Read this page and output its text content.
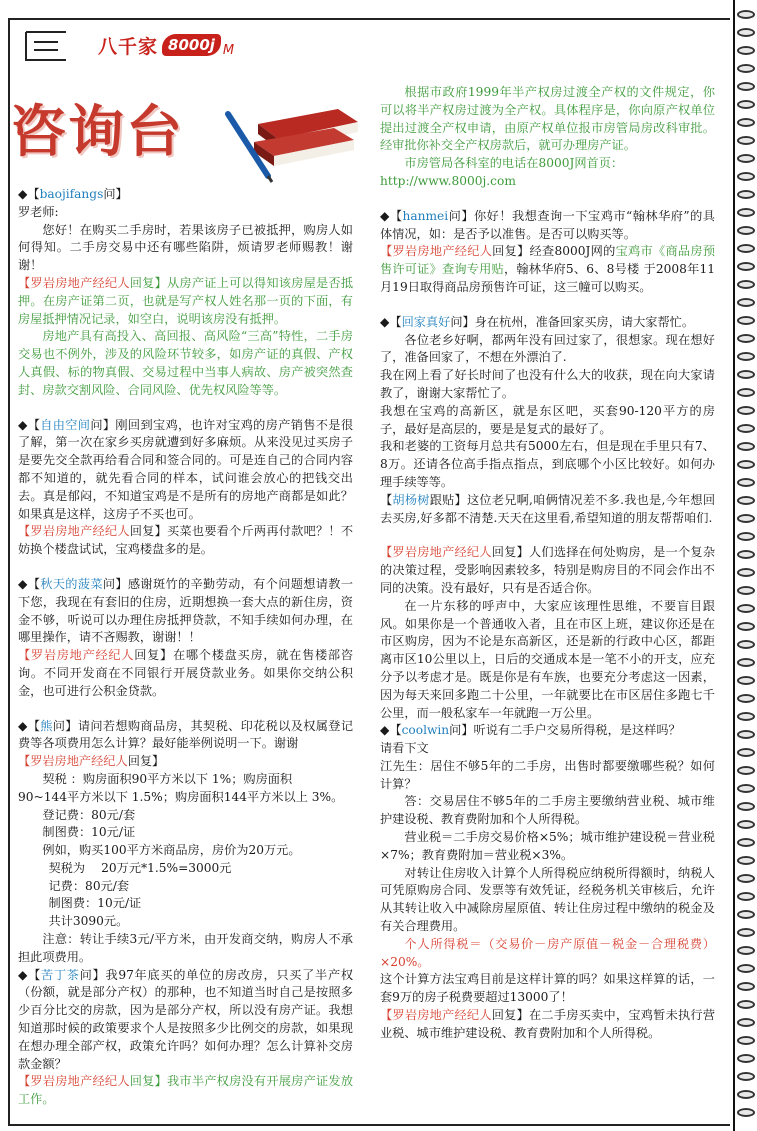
八千家 8000j M
咨询台

◆【baojifangs问】

罗老师:

您好！在购买二手房时，若果该房子已被抵押，购房人如何得知。二手房交易中还有哪些陷阱，烦请罗老师赐教！谢谢！

【罗岩房地产经纪人回复】从房产证上可以得知该房屋是否抵押。在房产证第二页，也就是写产权人姓名那一页的下面，有房屋抵押情况记录，如空白，说明该房没有抵押。

房地产具有高投入、高回报、高风险“三高”特性，二手房交易也不例外，涉及的风险环节较多，如房产证的真假、产权人真假、标的物真假、交易过程中当事人病故、房产被突然查封、房款交割风险、合同风险、优先权风险等等。

◆【自由空间问】刚回到宝鸡，也许对宝鸡的房产销售不是很了解，第一次在家乡买房就遭到好多麻烦。从来没见过买房子是要先交全款再给看合同和签合同的。可是连自己的合同内容都不知道的，就先看合同的样本，试问谁会放心的把钱交出去。真是郁闷，不知道宝鸡是不是所有的房地产商都是如此？如果真是这样，这房子不买也可。

【罗岩房地产经纪人回复】买菜也要看个斤两再付款吧？！不妨换个楼盘试试，宝鸡楼盘多的是。

◆【秋天的菠菜问】感谢斑竹的辛勤劳动，有个问题想请教一下您，我现在有套旧的住房，近期想换一套大点的新住房，资金不够，听说可以办理住房抵押贷款，不知手续如何办理，在哪里操作，请不吝赐教，谢谢！！

【罗岩房地产经纪人回复】在哪个楼盘买房，就在售楼部咨询。不同开发商在不同银行开展贷款业务。如果你交纳公积金，也可进行公积金贷款。

◆【熊问】请问若想购商品房，其契税、印花税以及权属登记费等各项费用怎么计算？最好能举例说明一下。谢谢

【罗岩房地产经纪人回复】

契税 ：购房面积90平方米以下 1%；购房面积

90~144平方米以下 1.5%；购房面积144平方米以上 3%。

登记费：80元/套

制图费：10元/证

例如，购买100平方米商品房，房价为20万元。

契税为 　20万元*1.5%=3000元

记费：80元/套

制图费：10元/证

共计3090元。

注意：转让手续3元/平方米，由开发商交纳，购房人不承担此项费用。

◆【苦丁茶问】我97年底买的单位的房改房，只买了半产权（份额，就是部分产权）的那种，也不知道当时自己是按照多少百分比交的房款，因为是部分产权，所以没有房产证。我想知道那时候的政策要求个人是按照多少比例交的房款，如果现在想办理全部产权，政策允许吗？如何办理？怎么计算补交房款金额？

【罗岩房地产经纪人回复】我市半产权房没有开展房产证发放工作。

根据市政府1999年半产权房过渡全产权的文件规定，你可以将半产权房过渡为全产权。具体程序是，你向原产权单位提出过渡全产权申请，由原产权单位报市房管局房改科审批。经审批你补交全产权房款后，就可办理房产证。

市房管局各科室的电话在8000J网首页：

http://www.8000j.com

◆【hanmei问】你好！我想查询一下宝鸡市“翰林华府”的具体情况，如：是否予以准售。是否可以购买等。

【罗岩房地产经纪人回复】经查8000J网的宝鸡市《商品房预售许可证》查询专用贴，翰林华府5、6、8号楼 于2008年11月19日取得商品房预售许可证，这三幢可以购买。

◆【回家真好问】身在杭州，准备回家买房，请大家帮忙。

各位老乡好啊，都两年没有回过家了，很想家。现在想好了，准备回家了，不想在外漂泊了.

我在网上看了好长时间了也没有什么大的收获，现在向大家请教了，谢谢大家帮忙了。

我想在宝鸡的高新区，就是东区吧，买套90-120平方的房子，最好是高层的，要是是复式的最好了。

我和老婆的工资每月总共有5000左右，但是现在手里只有7、8万。还请各位高手指点指点，到底哪个小区比较好。如何办理手续等等。

【胡杨树跟贴】这位老兄啊,咱俩情况差不多.我也是,今年想回去买房,好多都不清楚.天天在这里看,希望知道的朋友帮帮咱们.

【罗岩房地产经纪人回复】人们选择在何处购房，是一个复杂的决策过程，受影响因素较多，特别是购房目的不同会作出不同的决策。没有最好，只有是否适合你。

在一片东移的呼声中，大家应该理性思维，不要盲目跟风。如果你是一个普通收入者，且在市区上班，建议你还是在市区购房，因为不论是东高新区，还是新的行政中心区，都距离市区10公里以上，日后的交通成本是一笔不小的开支，应充分予以考虑才是。既是你是有车族，也要充分考虑这一因素，因为每天来回多跑二十公里，一年就要比在市区居住多跑七千公里，而一般私家车一年就跑一万公里。

◆【coolwin问】听说有二手户交易所得税，是这样吗？

请看下文

江先生：居住不够5年的二手房，出售时都要缴哪些税？如何计算？

答：交易居住不够5年的二手房主要缴纳营业税、城市维护建设税、教育费附加和个人所得税。

营业税＝二手房交易价格×5%；城市维护建设税＝营业税×7%；教育费附加＝营业税×3%。

对转让住房收入计算个人所得税应纳税所得额时，纳税人可凭原购房合同、发票等有效凭证，经税务机关审核后，允许从其转让收入中减除房屋原值、转让住房过程中缴纳的税金及有关合理费用。

个人所得税＝（交易价－房产原值－税金－合理税费）×20%。

这个计算方法宝鸡目前是这样计算的吗？如果这样算的话，一套9万的房子税费要超过13000了！

【罗岩房地产经纪人回复】在二手房买卖中，宝鸡暂未执行营业税、城市维护建设税、教育费附加和个人所得税。
